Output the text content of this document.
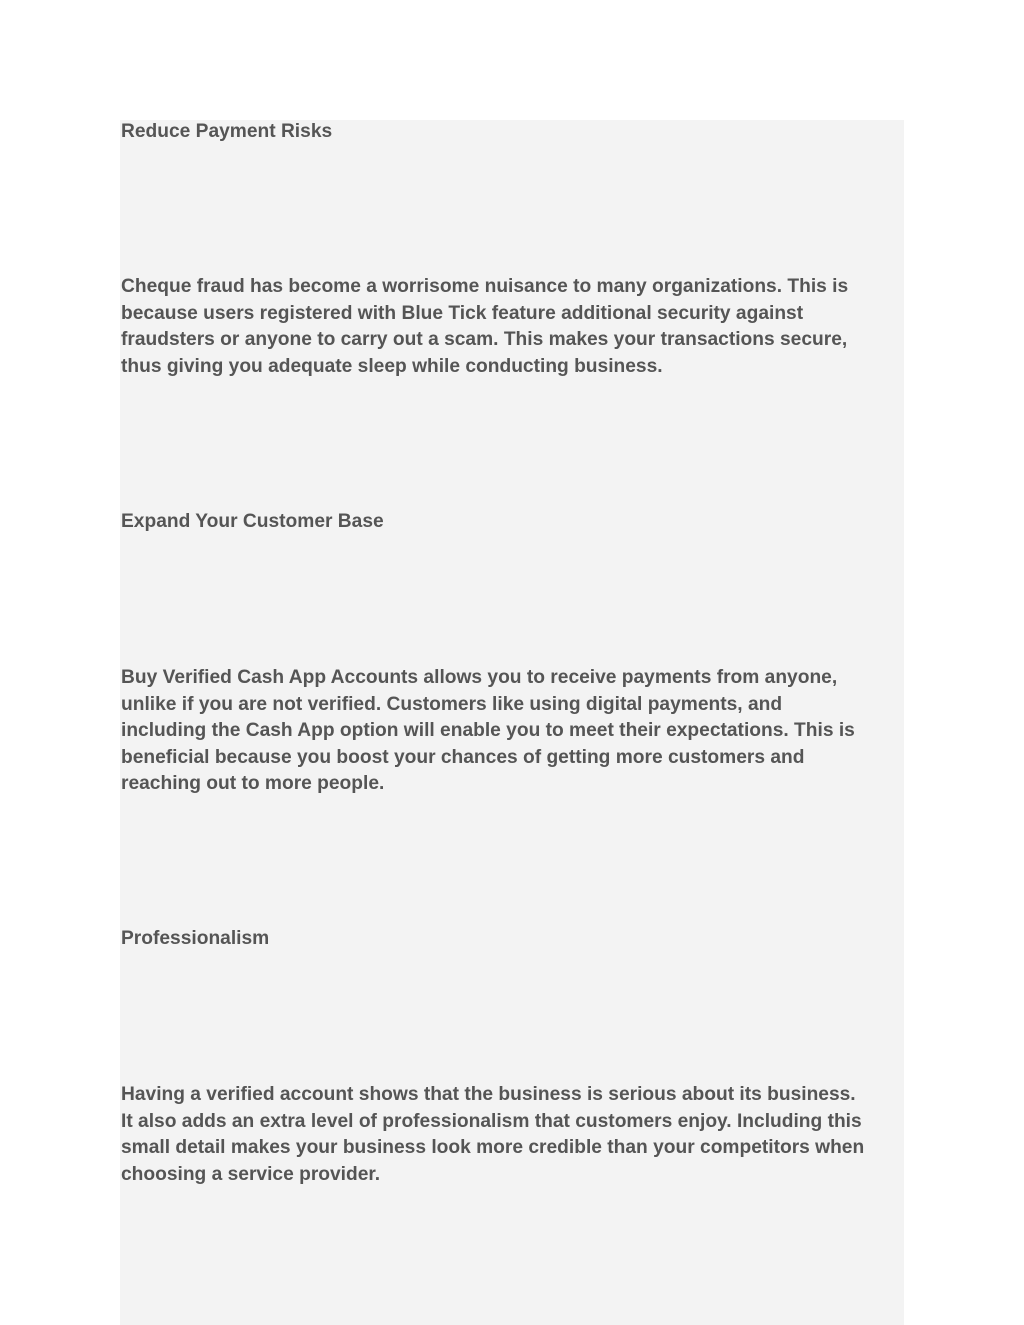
Reduce Payment Risks

Cheque fraud has become a worrisome nuisance to many organizations. This is
because users registered with Blue Tick feature additional security against
fraudsters or anyone to carry out a scam. This makes your transactions secure,
thus giving you adequate sleep while conducting business.

Expand Your Customer Base

Buy Verified Cash App Accounts allows you to receive payments from anyone,
unlike if you are not verified. Customers like using digital payments, and
including the Cash App option will enable you to meet their expectations. This is
beneficial because you boost your chances of getting more customers and
reaching out to more people.

Professionalism

Having a verified account shows that the business is serious about its business.
It also adds an extra level of professionalism that customers enjoy. Including this
small detail makes your business look more credible than your competitors when
choosing a service provider.
